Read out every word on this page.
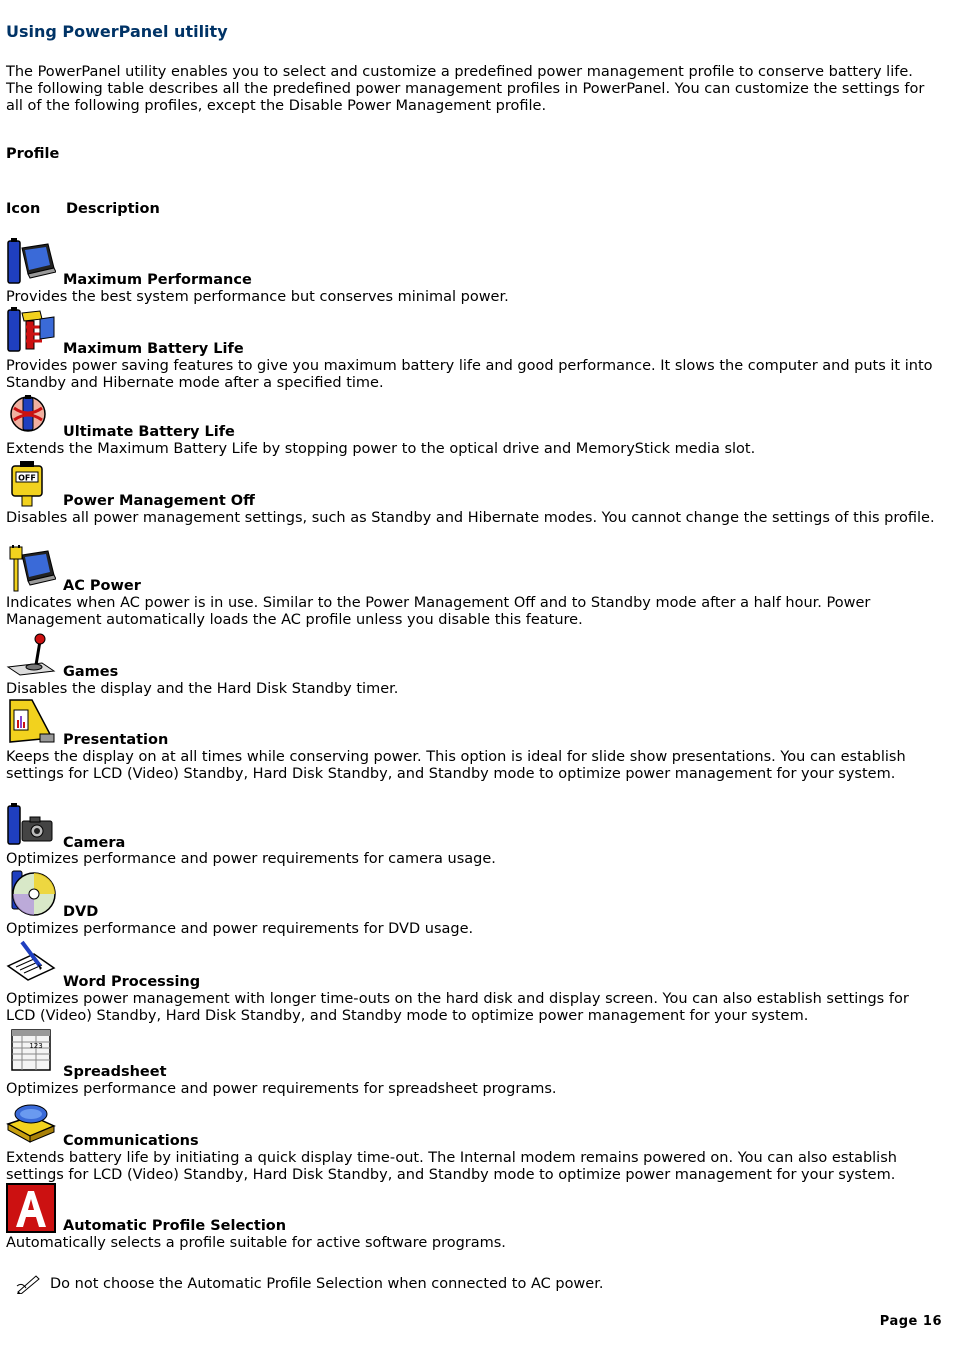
Using PowerPanel utility

The PowerPanel utility enables you to select and customize a predefined power management profile to conserve battery life. The following table describes all the predefined power management profiles in PowerPanel. You can customize the settings for all of the following profiles, except the Disable Power Management profile.

Profile

Icon Description

Maximum Performance

Provides the best system performance but conserves minimal power.

Maximum Battery Life

Provides power saving features to give you maximum battery life and good performance. It slows the computer and puts it into Standby and Hibernate mode after a specified time.

Ultimate Battery Life

Extends the Maximum Battery Life by stopping power to the optical drive and MemoryStick media slot.

OFF
Power Management Off

Disables all power management settings, such as Standby and Hibernate modes. You cannot change the settings of this profile.

AC Power

Indicates when AC power is in use. Similar to the Power Management Off and to Standby mode after a half hour. Power Management automatically loads the AC profile unless you disable this feature.

Games

Disables the display and the Hard Disk Standby timer.

Presentation

Keeps the display on at all times while conserving power. This option is ideal for slide show presentations. You can establish settings for LCD (Video) Standby, Hard Disk Standby, and Standby mode to optimize power management for your system.

Camera

Optimizes performance and power requirements for camera usage.

DVD

Optimizes performance and power requirements for DVD usage.

Word Processing

Optimizes power management with longer time-outs on the hard disk and display screen. You can also establish settings for LCD (Video) Standby, Hard Disk Standby, and Standby mode to optimize power management for your system.

123
Spreadsheet

Optimizes performance and power requirements for spreadsheet programs.

Communications

Extends battery life by initiating a quick display time-out. The Internal modem remains powered on. You can also establish settings for LCD (Video) Standby, Hard Disk Standby, and Standby mode to optimize power management for your system.

Automatic Profile Selection

Automatically selects a profile suitable for active software programs.

Do not choose the Automatic Profile Selection when connected to AC power.
Page 16
